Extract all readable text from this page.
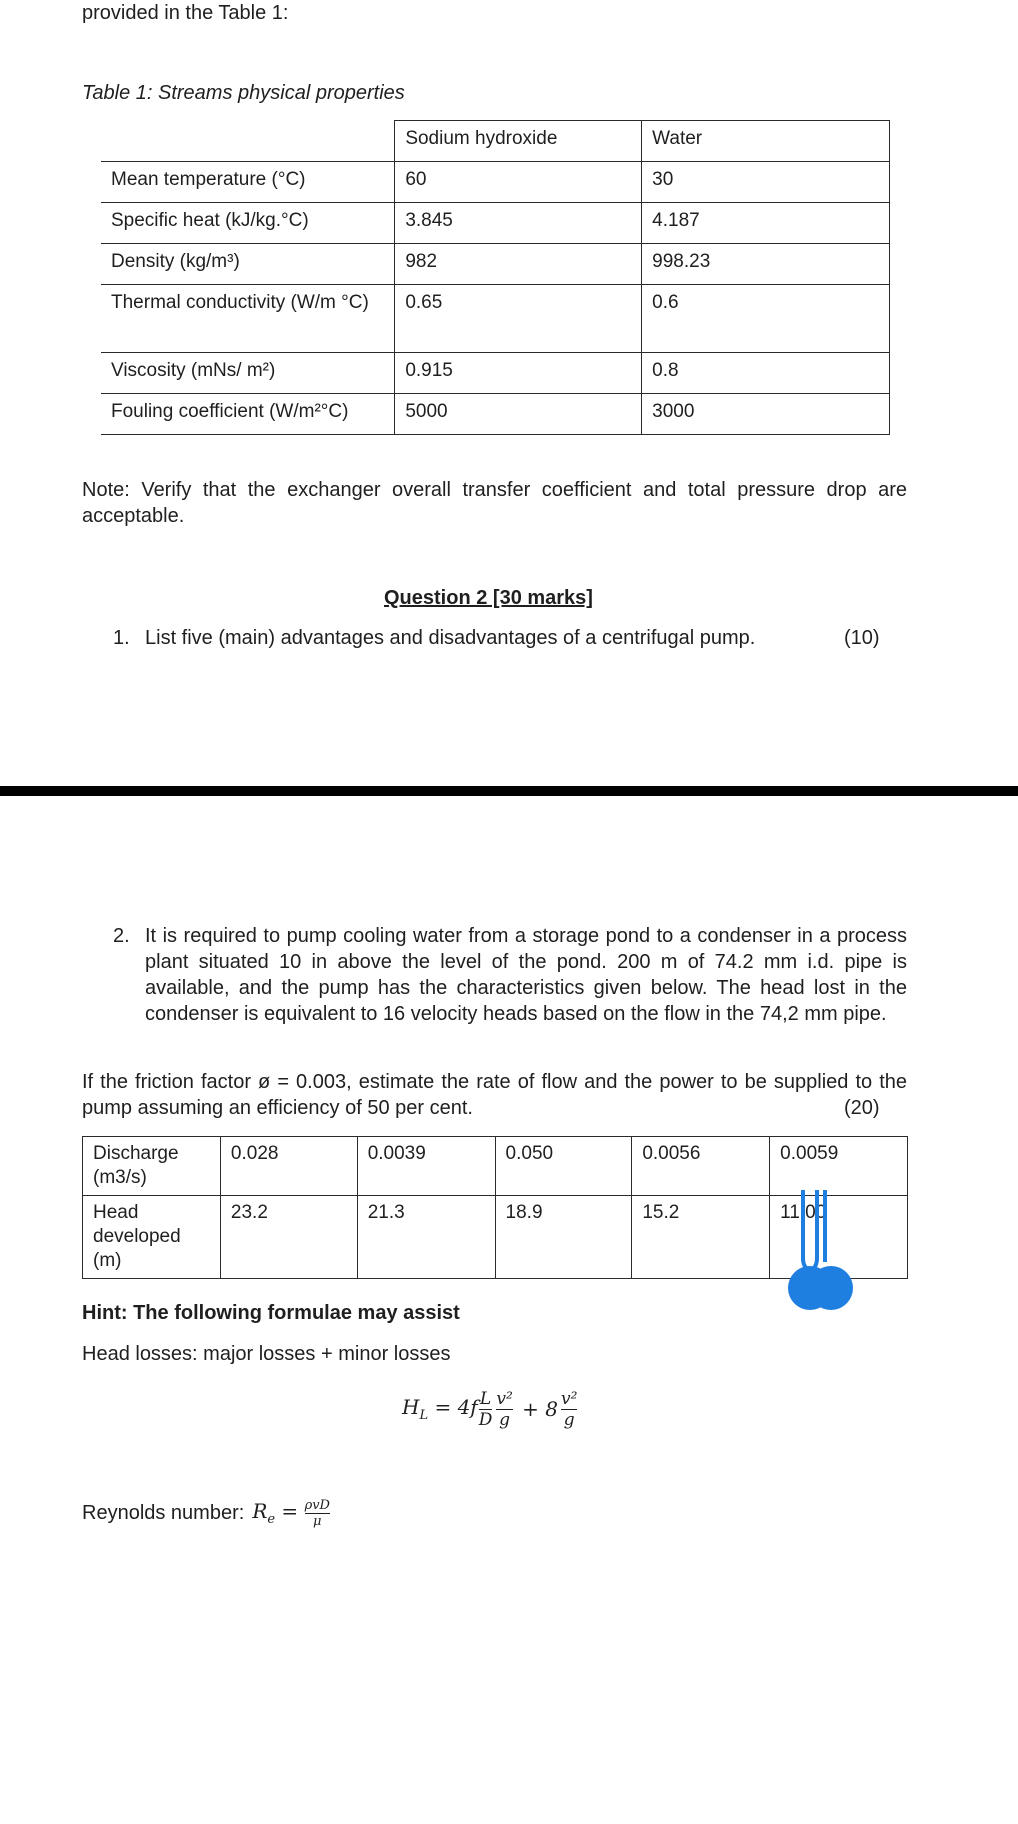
provided in the Table 1:
Table 1: Streams physical properties
	Sodium hydroxide	Water
Mean temperature (°C)	60	30
Specific heat (kJ/kg.°C)	3.845	4.187
Density (kg/m³)	982	998.23
Thermal conductivity (W/m °C)	0.65	0.6
Viscosity (mNs/ m²)	0.915	0.8
Fouling coefficient (W/m²°C)	5000	3000
Note: Verify that the exchanger overall transfer coefficient and total pressure drop are acceptable.
Question 2 [30 marks]
1. List five (main) advantages and disadvantages of a centrifugal pump.	(10)
2. It is required to pump cooling water from a storage pond to a condenser in a process plant situated 10 in above the level of the pond. 200 m of 74.2 mm i.d. pipe is available, and the pump has the characteristics given below. The head lost in the condenser is equivalent to 16 velocity heads based on the flow in the 74,2 mm pipe.
If the friction factor ø = 0.003, estimate the rate of flow and the power to be supplied to the pump assuming an efficiency of 50 per cent.	(20)
Discharge (m3/s)	0.028	0.0039	0.050	0.0056	0.0059
Head developed (m)	23.2	21.3	18.9	15.2	11.00
Hint: The following formulae may assist
Head losses: major losses + minor losses
$H_L = 4f \frac{L}{D} \frac{\text{v²}}{g} + 8 \frac{\text{v²}}{g}$
Reynolds number: $R_e = \frac{\text{ρvD}}{\mu}$
